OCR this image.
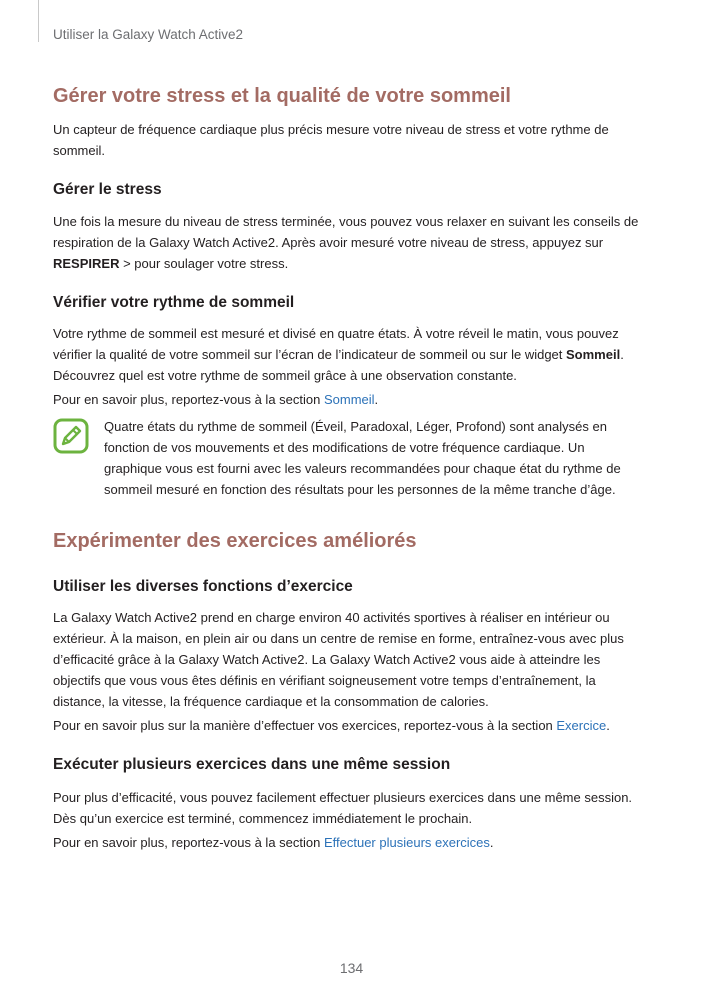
Utiliser la Galaxy Watch Active2
Gérer votre stress et la qualité de votre sommeil

Un capteur de fréquence cardiaque plus précis mesure votre niveau de stress et votre rythme de sommeil.

Gérer le stress

Une fois la mesure du niveau de stress terminée, vous pouvez vous relaxer en suivant les conseils de respiration de la Galaxy Watch Active2. Après avoir mesuré votre niveau de stress, appuyez sur RESPIRER > pour soulager votre stress.

Vérifier votre rythme de sommeil

Votre rythme de sommeil est mesuré et divisé en quatre états. À votre réveil le matin, vous pouvez vérifier la qualité de votre sommeil sur l’écran de l’indicateur de sommeil ou sur le widget Sommeil. Découvrez quel est votre rythme de sommeil grâce à une observation constante.

Pour en savoir plus, reportez-vous à la section Sommeil.

Quatre états du rythme de sommeil (Éveil, Paradoxal, Léger, Profond) sont analysés en fonction de vos mouvements et des modifications de votre fréquence cardiaque. Un graphique vous est fourni avec les valeurs recommandées pour chaque état du rythme de sommeil mesuré en fonction des résultats pour les personnes de la même tranche d’âge.

Expérimenter des exercices améliorés
Utiliser les diverses fonctions d’exercice

La Galaxy Watch Active2 prend en charge environ 40 activités sportives à réaliser en intérieur ou extérieur. À la maison, en plein air ou dans un centre de remise en forme, entraînez-vous avec plus d’efficacité grâce à la Galaxy Watch Active2. La Galaxy Watch Active2 vous aide à atteindre les objectifs que vous vous êtes définis en vérifiant soigneusement votre temps d’entraînement, la distance, la vitesse, la fréquence cardiaque et la consommation de calories.

Pour en savoir plus sur la manière d’effectuer vos exercices, reportez-vous à la section Exercice.

Exécuter plusieurs exercices dans une même session

Pour plus d’efficacité, vous pouvez facilement effectuer plusieurs exercices dans une même session. Dès qu’un exercice est terminé, commencez immédiatement le prochain.

Pour en savoir plus, reportez-vous à la section Effectuer plusieurs exercices.

134
